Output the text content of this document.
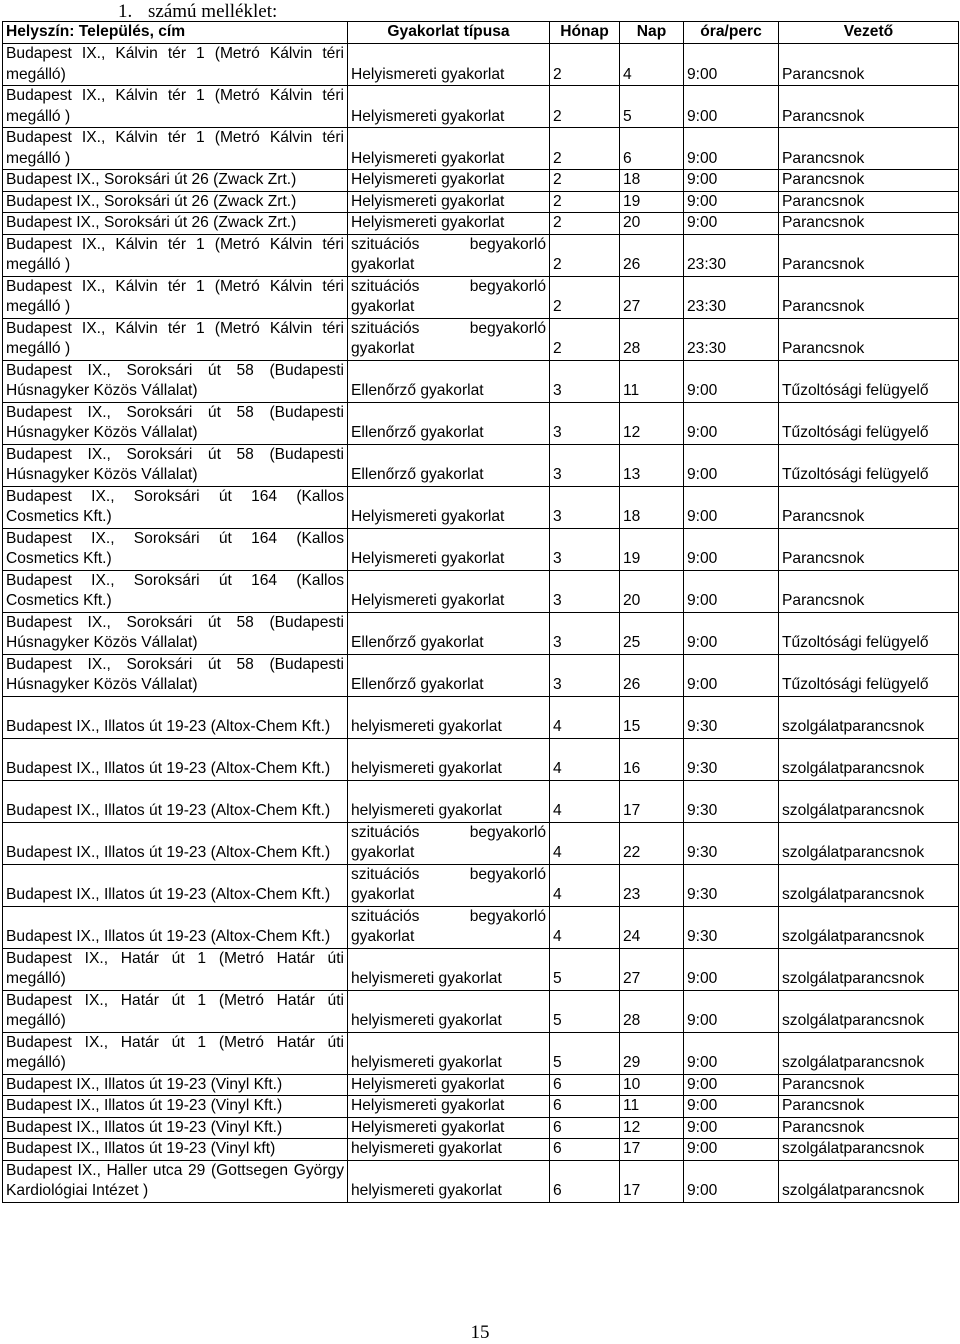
1. számú melléklet:
Helyszín: Település, cím	Gyakorlat típusa	Hónap	Nap	óra/perc	Vezető
Budapest IX., Kálvin tér 1 (Metró Kálvin téri megálló)	Helyismereti gyakorlat	2	4	9:00	Parancsnok
Budapest IX., Kálvin tér 1 (Metró Kálvin téri megálló )	Helyismereti gyakorlat	2	5	9:00	Parancsnok
Budapest IX., Kálvin tér 1 (Metró Kálvin téri megálló )	Helyismereti gyakorlat	2	6	9:00	Parancsnok
Budapest IX., Soroksári út 26 (Zwack Zrt.)	Helyismereti gyakorlat	2	18	9:00	Parancsnok
Budapest IX., Soroksári út 26 (Zwack Zrt.)	Helyismereti gyakorlat	2	19	9:00	Parancsnok
Budapest IX., Soroksári út 26 (Zwack Zrt.)	Helyismereti gyakorlat	2	20	9:00	Parancsnok
Budapest IX., Kálvin tér 1 (Metró Kálvin téri megálló )	szituációs begyakorló gyakorlat	2	26	23:30	Parancsnok
Budapest IX., Kálvin tér 1 (Metró Kálvin téri megálló )	szituációs begyakorló gyakorlat	2	27	23:30	Parancsnok
Budapest IX., Kálvin tér 1 (Metró Kálvin téri megálló )	szituációs begyakorló gyakorlat	2	28	23:30	Parancsnok
Budapest IX., Soroksári út 58 (Budapesti Húsnagyker Közös Vállalat)	Ellenőrző gyakorlat	3	11	9:00	Tűzoltósági felügyelő
Budapest IX., Soroksári út 58 (Budapesti Húsnagyker Közös Vállalat)	Ellenőrző gyakorlat	3	12	9:00	Tűzoltósági felügyelő
Budapest IX., Soroksári út 58 (Budapesti Húsnagyker Közös Vállalat)	Ellenőrző gyakorlat	3	13	9:00	Tűzoltósági felügyelő
Budapest IX., Soroksári út 164 (Kallos Cosmetics Kft.)	Helyismereti gyakorlat	3	18	9:00	Parancsnok
Budapest IX., Soroksári út 164 (Kallos Cosmetics Kft.)	Helyismereti gyakorlat	3	19	9:00	Parancsnok
Budapest IX., Soroksári út 164 (Kallos Cosmetics Kft.)	Helyismereti gyakorlat	3	20	9:00	Parancsnok
Budapest IX., Soroksári út 58 (Budapesti Húsnagyker Közös Vállalat)	Ellenőrző gyakorlat	3	25	9:00	Tűzoltósági felügyelő
Budapest IX., Soroksári út 58 (Budapesti Húsnagyker Közös Vállalat)	Ellenőrző gyakorlat	3	26	9:00	Tűzoltósági felügyelő
Budapest IX., Illatos út 19-23 (Altox-Chem Kft.)	helyismereti gyakorlat	4	15	9:30	szolgálatparancsnok
Budapest IX., Illatos út 19-23 (Altox-Chem Kft.)	helyismereti gyakorlat	4	16	9:30	szolgálatparancsnok
Budapest IX., Illatos út 19-23 (Altox-Chem Kft.)	helyismereti gyakorlat	4	17	9:30	szolgálatparancsnok
Budapest IX., Illatos út 19-23 (Altox-Chem Kft.)	szituációs begyakorló gyakorlat	4	22	9:30	szolgálatparancsnok
Budapest IX., Illatos út 19-23 (Altox-Chem Kft.)	szituációs begyakorló gyakorlat	4	23	9:30	szolgálatparancsnok
Budapest IX., Illatos út 19-23 (Altox-Chem Kft.)	szituációs begyakorló gyakorlat	4	24	9:30	szolgálatparancsnok
Budapest IX., Határ út 1 (Metró Határ úti megálló)	helyismereti gyakorlat	5	27	9:00	szolgálatparancsnok
Budapest IX., Határ út 1 (Metró Határ úti megálló)	helyismereti gyakorlat	5	28	9:00	szolgálatparancsnok
Budapest IX., Határ út 1 (Metró Határ úti megálló)	helyismereti gyakorlat	5	29	9:00	szolgálatparancsnok
Budapest IX., Illatos út 19-23 (Vinyl Kft.)	Helyismereti gyakorlat	6	10	9:00	Parancsnok
Budapest IX., Illatos út 19-23 (Vinyl Kft.)	Helyismereti gyakorlat	6	11	9:00	Parancsnok
Budapest IX., Illatos út 19-23 (Vinyl Kft.)	Helyismereti gyakorlat	6	12	9:00	Parancsnok
Budapest IX., Illatos út 19-23 (Vinyl kft)	helyismereti gyakorlat	6	17	9:00	szolgálatparancsnok
Budapest IX., Haller utca 29 (Gottsegen György Kardiológiai Intézet )	helyismereti gyakorlat	6	17	9:00	szolgálatparancsnok
15
